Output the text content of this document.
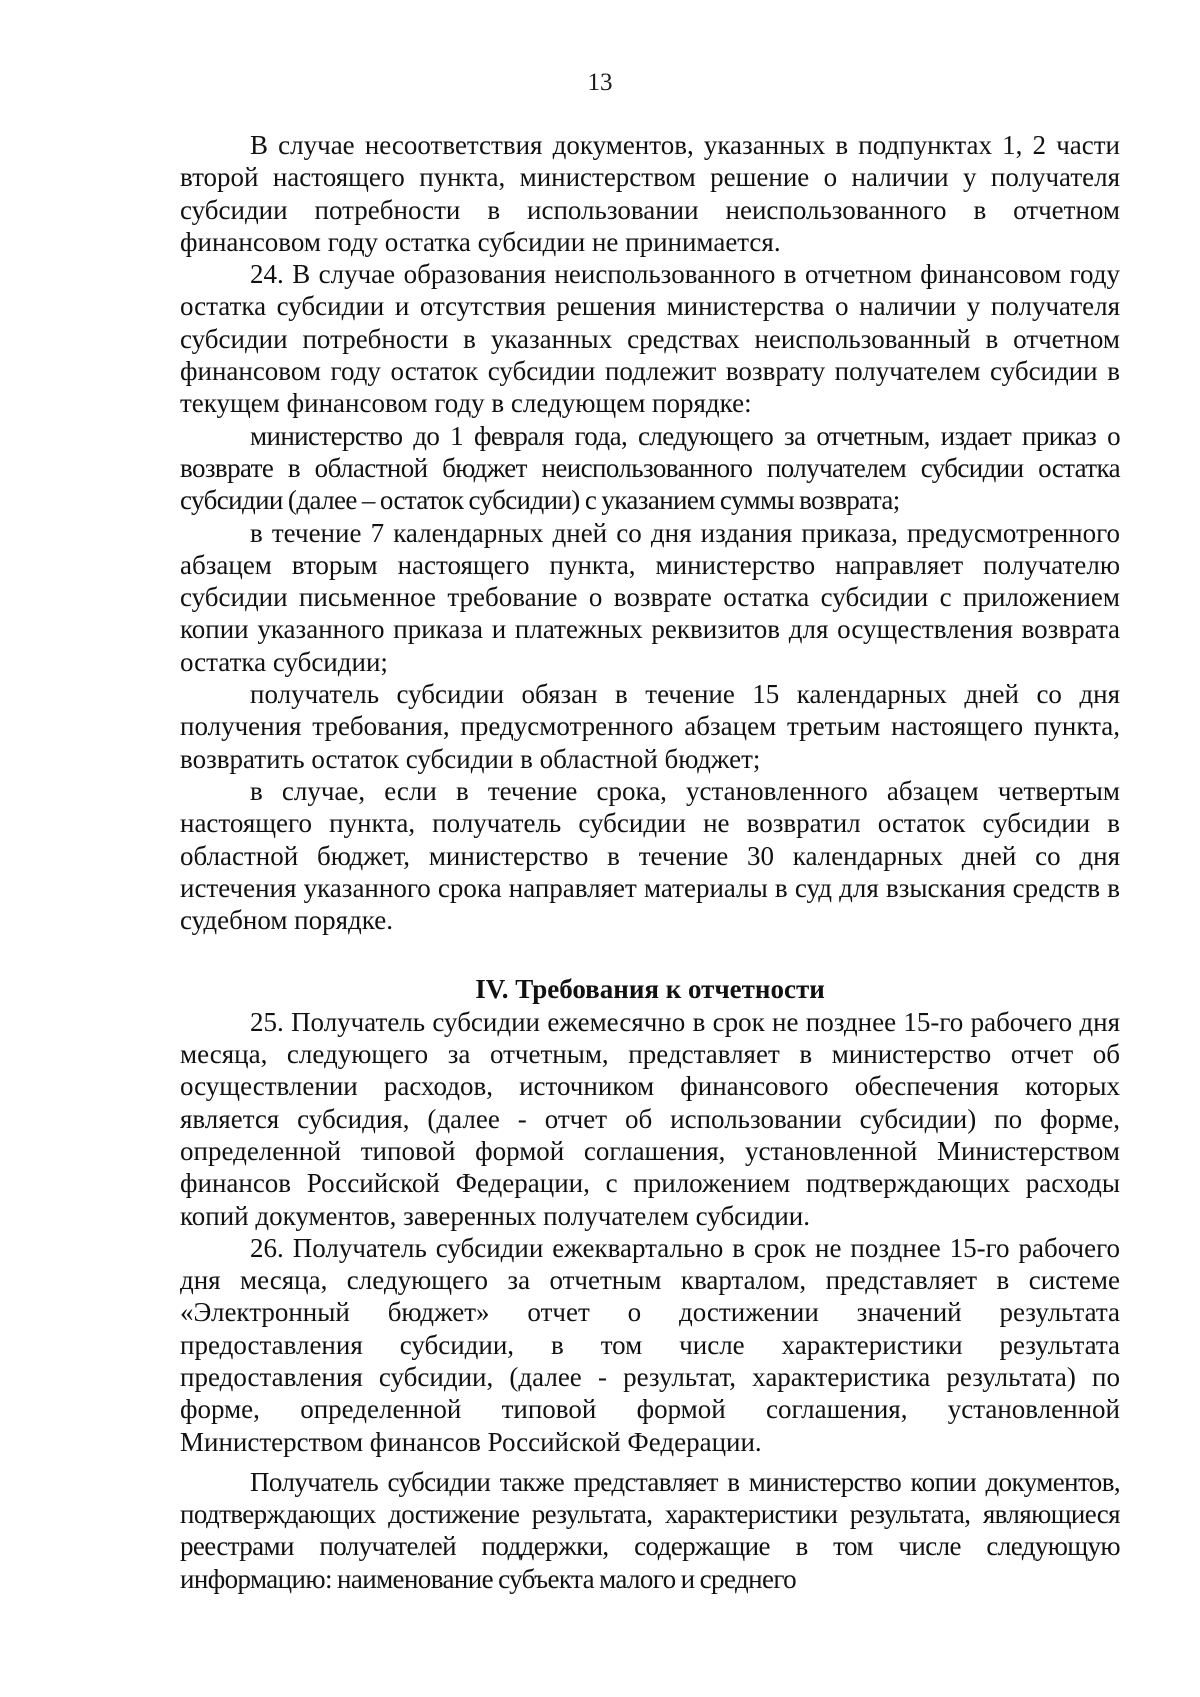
13

В случае несоответствия документов, указанных в подпунктах 1, 2 части второй настоящего пункта, министерством решение о наличии у получателя субсидии потребности в использовании неиспользованного в отчетном финансовом году остатка субсидии не принимается.

24. В случае образования неиспользованного в отчетном финансовом году остатка субсидии и отсутствия решения министерства о наличии у получателя субсидии потребности в указанных средствах неиспользованный в отчетном финансовом году остаток субсидии подлежит возврату получателем субсидии в текущем финансовом году в следующем порядке:

министерство до 1 февраля года, следующего за отчетным, издает приказ о возврате в областной бюджет неиспользованного получателем субсидии остатка субсидии (далее – остаток субсидии) с указанием суммы возврата;

в течение 7 календарных дней со дня издания приказа, предусмотренного абзацем вторым настоящего пункта, министерство направляет получателю субсидии письменное требование о возврате остатка субсидии с приложением копии указанного приказа и платежных реквизитов для осуществления возврата остатка субсидии;

получатель субсидии обязан в течение 15 календарных дней со дня получения требования, предусмотренного абзацем третьим настоящего пункта, возвратить остаток субсидии в областной бюджет;

в случае, если в течение срока, установленного абзацем четвертым настоящего пункта, получатель субсидии не возвратил остаток субсидии в областной бюджет, министерство в течение 30 календарных дней со дня истечения указанного срока направляет материалы в суд для взыскания средств в судебном порядке.

IV. Требования к отчетности

25. Получатель субсидии ежемесячно в срок не позднее 15-го рабочего дня месяца, следующего за отчетным, представляет в министерство отчет об осуществлении расходов, источником финансового обеспечения которых является субсидия, (далее - отчет об использовании субсидии) по форме, определенной типовой формой соглашения, установленной Министерством финансов Российской Федерации, с приложением подтверждающих расходы копий документов, заверенных получателем субсидии.

26. Получатель субсидии ежеквартально в срок не позднее 15-го рабочего дня месяца, следующего за отчетным кварталом, представляет в системе «Электронный бюджет» отчет о достижении значений результата предоставления субсидии, в том числе характеристики результата предоставления субсидии, (далее - результат, характеристика результата) по форме, определенной типовой формой соглашения, установленной Министерством финансов Российской Федерации.

Получатель субсидии также представляет в министерство копии документов, подтверждающих достижение результата, характеристики результата, являющиеся реестрами получателей поддержки, содержащие в том числе следующую информацию: наименование субъекта малого и среднего
